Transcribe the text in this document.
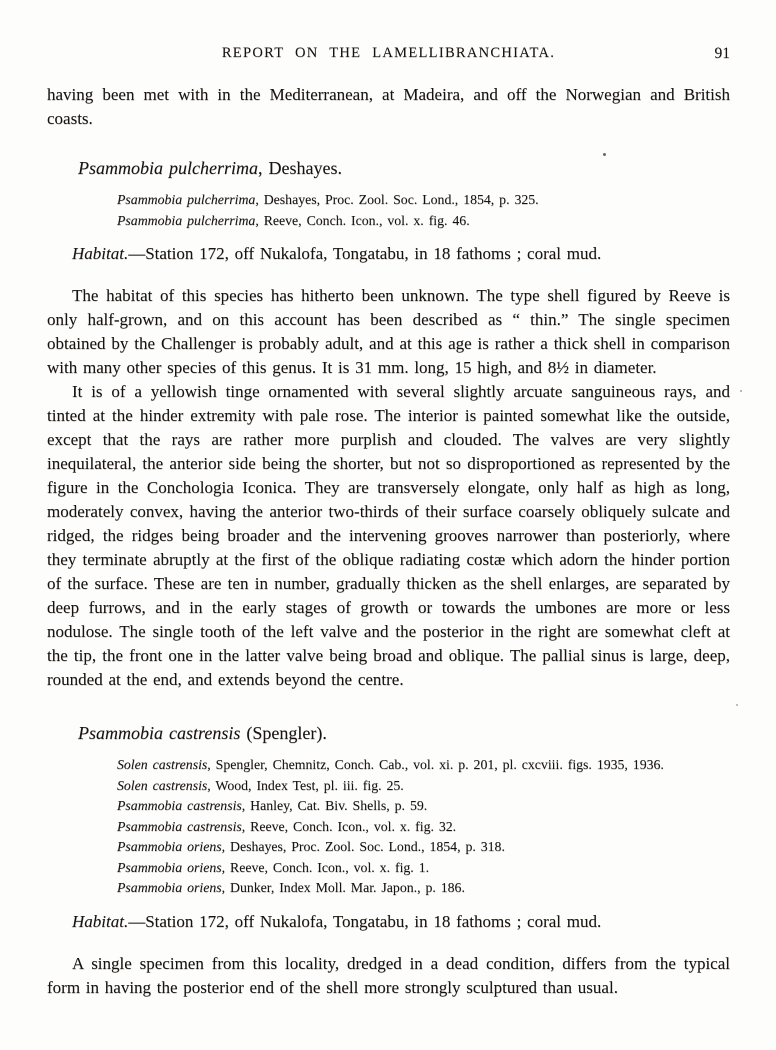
REPORT ON THE LAMELLIBRANCHIATA.	91

having been met with in the Mediterranean, at Madeira, and off the Norwegian and British coasts.

Psammobia pulcherrima, Deshayes.
Psammobia pulcherrima, Deshayes, Proc. Zool. Soc. Lond., 1854, p. 325.
Psammobia pulcherrima, Reeve, Conch. Icon., vol. x. fig. 46.
Habitat.—Station 172, off Nukalofa, Tongatabu, in 18 fathoms ; coral mud.

The habitat of this species has hitherto been unknown. The type shell figured by Reeve is only half-grown, and on this account has been described as “ thin.” The single specimen obtained by the Challenger is probably adult, and at this age is rather a thick shell in comparison with many other species of this genus. It is 31 mm. long, 15 high, and 8½ in diameter.

It is of a yellowish tinge ornamented with several slightly arcuate sanguineous rays, and tinted at the hinder extremity with pale rose. The interior is painted somewhat like the outside, except that the rays are rather more purplish and clouded. The valves are very slightly inequilateral, the anterior side being the shorter, but not so disproportioned as represented by the figure in the Conchologia Iconica. They are transversely elongate, only half as high as long, moderately convex, having the anterior two-thirds of their surface coarsely obliquely sulcate and ridged, the ridges being broader and the intervening grooves narrower than posteriorly, where they terminate abruptly at the first of the oblique radiating costæ which adorn the hinder portion of the surface. These are ten in number, gradually thicken as the shell enlarges, are separated by deep furrows, and in the early stages of growth or towards the umbones are more or less nodulose. The single tooth of the left valve and the posterior in the right are somewhat cleft at the tip, the front one in the latter valve being broad and oblique. The pallial sinus is large, deep, rounded at the end, and extends beyond the centre.

Psammobia castrensis (Spengler).
Solen castrensis, Spengler, Chemnitz, Conch. Cab., vol. xi. p. 201, pl. cxcviii. figs. 1935, 1936.
Solen castrensis, Wood, Index Test, pl. iii. fig. 25.
Psammobia castrensis, Hanley, Cat. Biv. Shells, p. 59.
Psammobia castrensis, Reeve, Conch. Icon., vol. x. fig. 32.
Psammobia oriens, Deshayes, Proc. Zool. Soc. Lond., 1854, p. 318.
Psammobia oriens, Reeve, Conch. Icon., vol. x. fig. 1.
Psammobia oriens, Dunker, Index Moll. Mar. Japon., p. 186.
Habitat.—Station 172, off Nukalofa, Tongatabu, in 18 fathoms ; coral mud.

A single specimen from this locality, dredged in a dead condition, differs from the typical form in having the posterior end of the shell more strongly sculptured than usual.
